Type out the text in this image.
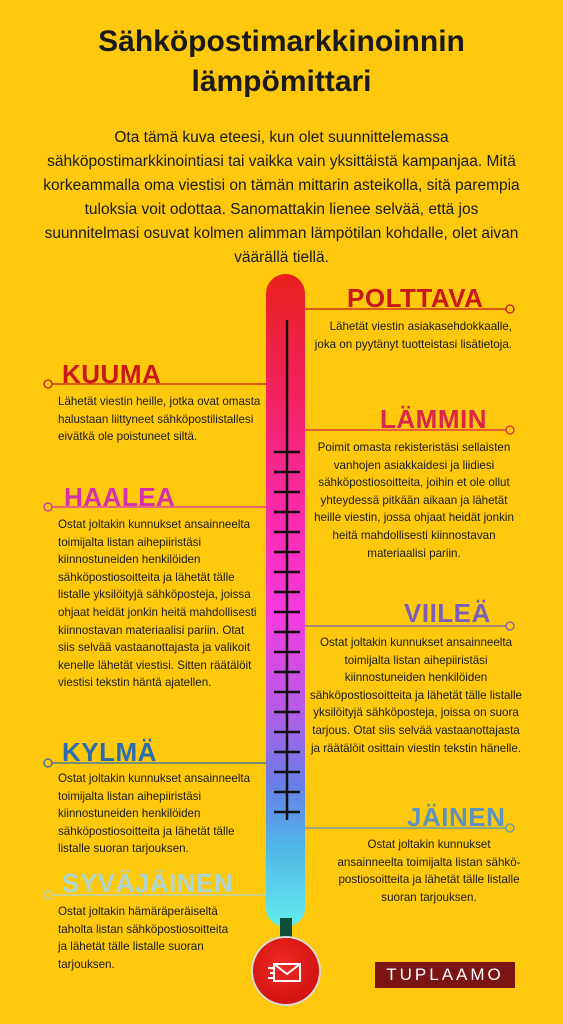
Sähköpostimarkkinoinnin
lämpömittari
Ota tämä kuva eteesi, kun olet suunnittelemassa sähköpostimarkkinointiasi tai vaikka vain yksittäistä kampanjaa. Mitä korkeammalla oma viestisi on tämän mittarin asteikolla, sitä parempia tuloksia voit odottaa. Sanomattakin lienee selvää, että jos suunnitelmasi osuvat kolmen alimman lämpötilan kohdalle, olet aivan väärällä tiellä.
POLTTAVA
Lähetät viestin asiakasehdokkaalle, joka on pyytänyt tuotteistasi lisätietoja.
KUUMA
Lähetät viestin heille, jotka ovat omasta halustaan liittyneet sähköpostilistallesi eivätkä ole poistuneet siltä.
LÄMMIN
Poimit omasta rekisteristäsi sellaisten vanhojen asiakkaidesi ja liidiesi sähköpostiosoitteita, joihin et ole ollut yhteydessä pitkään aikaan ja lähetät heille viestin, jossa ohjaat heidät jonkin heitä mahdollisesti kiinnostavan materiaalisi pariin.
HAALEA
Ostat joltakin kunnukset ansainneelta toimijalta listan aihepiiristäsi kiinnostuneiden henkilöiden sähköpostiosoitteita ja lähetät tälle listalle yksilöityjä sähköposteja, joissa ohjaat heidät jonkin heitä mahdollisesti kiinnostavan materiaalisi pariin. Otat siis selvää vastaanottajasta ja valikoit kenelle lähetät viestisi. Sitten räätälöit viestisi tekstin häntä ajatellen.
VIILEÄ
Ostat joltakin kunnukset ansainneelta toimijalta listan aihepiiristäsi kiinnostuneiden henkilöiden sähköpostiosoitteita ja lähetät tälle listalle yksilöityjä sähköposteja, joissa on suora tarjous. Otat siis selvää vastaanottajasta ja räätälöit osittain viestin tekstin hänelle.
KYLMÄ
Ostat joltakin kunnukset ansainneelta toimijalta listan aihepiiristäsi kiinnostuneiden henkilöiden sähköpostiosoitteita ja lähetät tälle listalle suoran tarjouksen.
JÄINEN
Ostat joltakin kunnukset ansainneelta toimijalta listan sähkö-postiosoitteita ja lähetät tälle listalle suoran tarjouksen.
SYVÄJÄINEN
Ostat joltakin hämäräperäiseltä taholta listan sähköpostiosoitteita ja lähetät tälle listalle suoran tarjouksen.
TUPLAAMO
